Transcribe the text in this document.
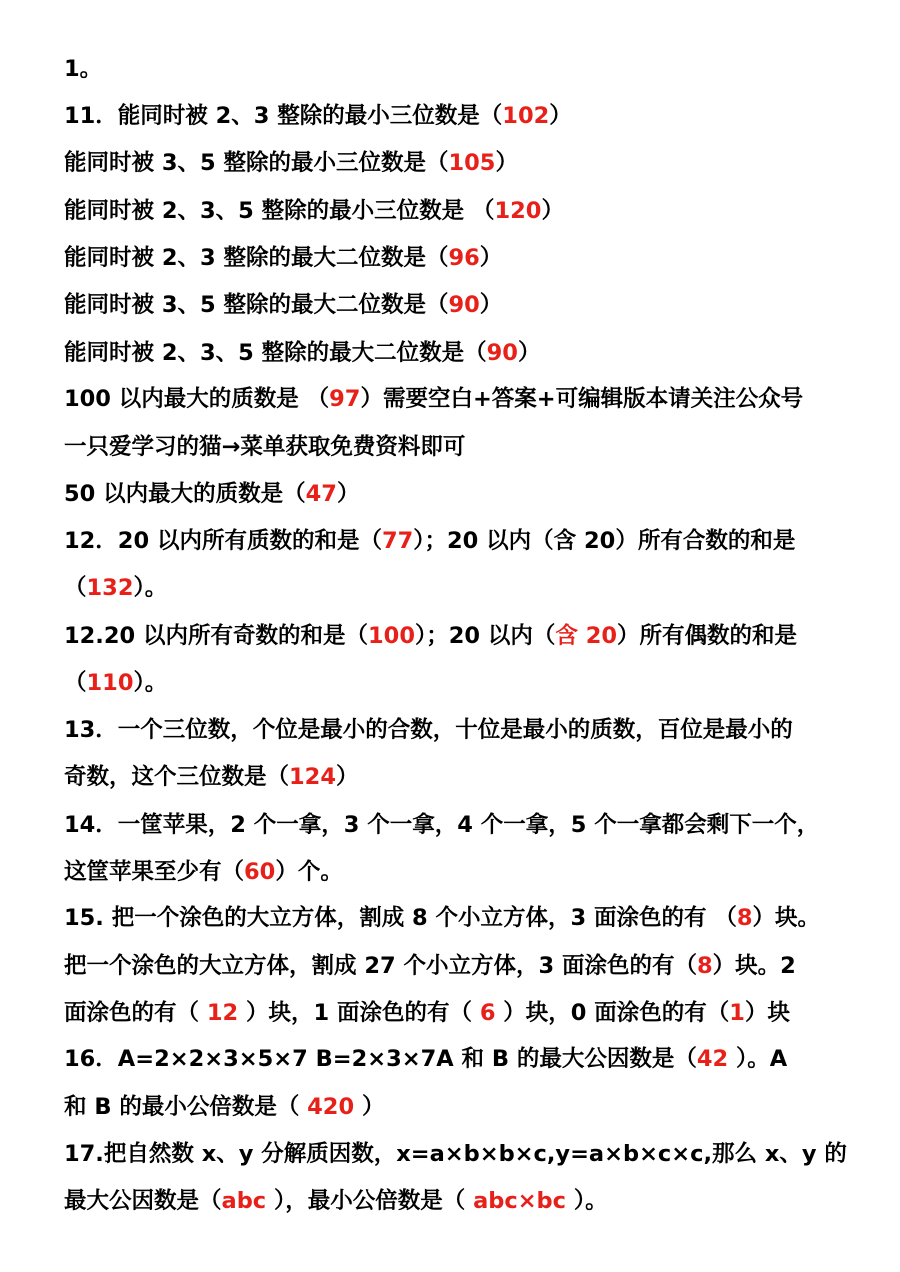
1。
11．能同时被 2、3 整除的最小三位数是（102）
能同时被 3、5 整除的最小三位数是（105）
能同时被 2、3、5 整除的最小三位数是 （120）
能同时被 2、3 整除的最大二位数是（96）
能同时被 3、5 整除的最大二位数是（90）
能同时被 2、3、5 整除的最大二位数是（90）
100 以内最大的质数是 （97）需要空白+答案+可编辑版本请关注公众号
一只爱学习的猫→菜单获取免费资料即可
50 以内最大的质数是（47）
12．20 以内所有质数的和是（77）；20 以内（含 20）所有合数的和是
（132）。
12.20 以内所有奇数的和是（100）；20 以内（含 20）所有偶数的和是
（110）。
13．一个三位数，个位是最小的合数，十位是最小的质数，百位是最小的
奇数，这个三位数是（124）
14．一筐苹果，2 个一拿，3 个一拿，4 个一拿，5 个一拿都会剩下一个，
这筐苹果至少有（60）个。
15. 把一个涂色的大立方体，割成 8 个小立方体，3 面涂色的有 （8）块。
把一个涂色的大立方体，割成 27 个小立方体，3 面涂色的有（8）块。2
面涂色的有（ 12 ）块，1 面涂色的有（ 6 ）块，0 面涂色的有（1）块
16．A=2×2×3×5×7 B=2×3×7A 和 B 的最大公因数是（42 ）。A
和 B 的最小公倍数是（ 420 ）
17.把自然数 x、y 分解质因数，x=a×b×b×c,y=a×b×c×c,那么 x、y 的
最大公因数是（abc ），最小公倍数是（ abc×bc ）。
